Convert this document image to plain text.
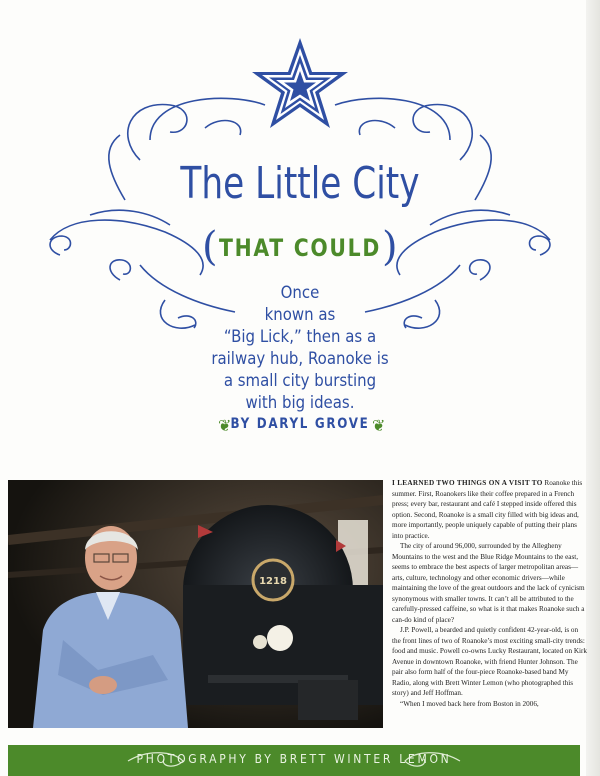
The Little City
( THAT COULD )
Once
known as
“Big Lick,” then as a
railway hub, Roanoke is
a small city bursting
with big ideas.
❦ BY DARYL GROVE ❦
1218

I LEARNED TWO THINGS ON A VISIT TO Roanoke this summer. First, Roanokers like their coffee prepared in a French press; every bar, restaurant and café I stepped inside offered this option. Second, Roanoke is a small city filled with big ideas and, more importantly, people uniquely capable of putting their plans into practice.

The city of around 96,000, surrounded by the Allegheny Mountains to the west and the Blue Ridge Mountains to the east, seems to embrace the best aspects of larger metropolitan areas—arts, culture, technology and other economic drivers—while maintaining the love of the great outdoors and the lack of cynicism synonymous with smaller towns. It can’t all be attributed to the carefully-pressed caffeine, so what is it that makes Roanoke such a can-do kind of place?

J.P. Powell, a bearded and quietly confident 42-year-old, is on the front lines of two of Roanoke’s most exciting small-city trends: food and music. Powell co-owns Lucky Restaurant, located on Kirk Avenue in downtown Roanoke, with friend Hunter Johnson. The pair also form half of the four-piece Roanoke-based band My Radio, along with Brett Winter Lemon (who photographed this story) and Jeff Hoffman.

“When I moved back here from Boston in 2006,

PHOTOGRAPHY BY BRETT WINTER LEMON
